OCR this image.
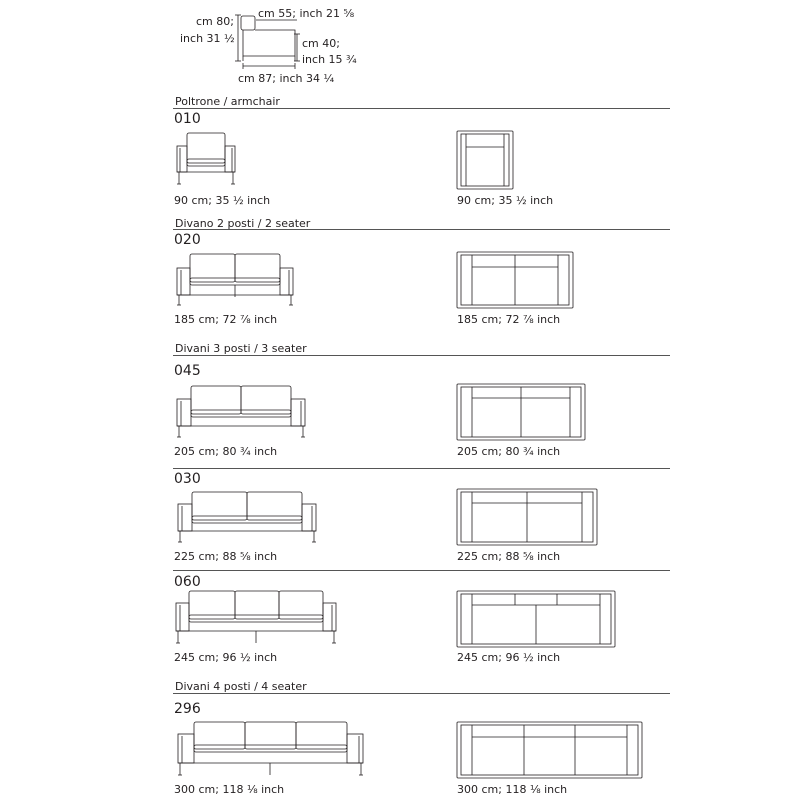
cm 80;
inch 31 ½
cm 55; inch 21 ⅝
cm 40;
inch 15 ¾
cm 87; inch 34 ¼
Poltrone / armchair
Divano 2 posti / 2 seater
Divani 3 posti / 3 seater
Divani 4 posti / 4 seater
010
020
045
030
060
296
90 cm; 35 ½ inch
185 cm; 72 ⅞ inch
205 cm; 80 ¾ inch
225 cm; 88 ⅝ inch
245 cm; 96 ½ inch
300 cm; 118 ⅛ inch
90 cm; 35 ½ inch
185 cm; 72 ⅞ inch
205 cm; 80 ¾ inch
225 cm; 88 ⅝ inch
245 cm; 96 ½ inch
300 cm; 118 ⅛ inch
